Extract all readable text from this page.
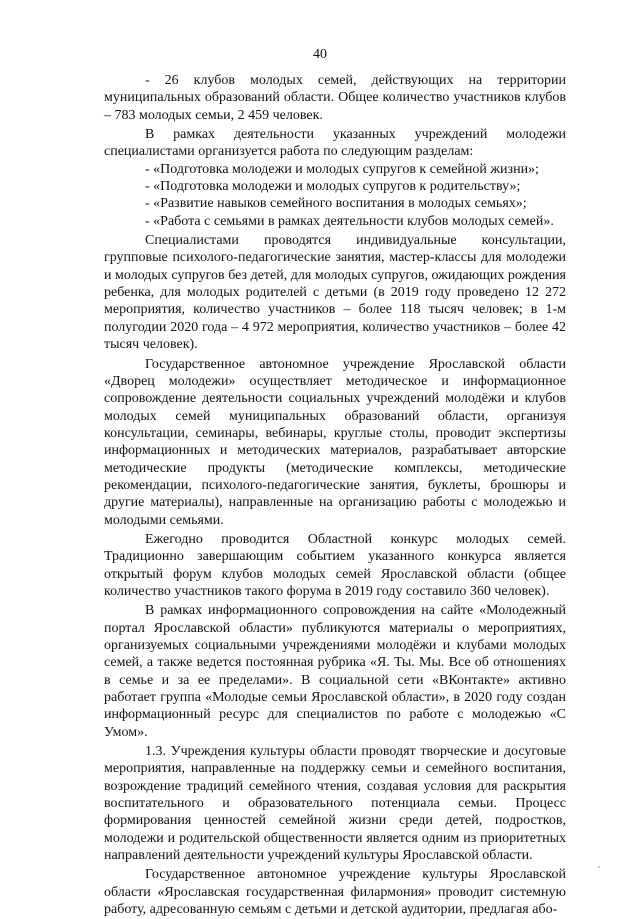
40

- 26 клубов молодых семей, действующих на территории муниципальных образований области. Общее количество участников клубов – 783 молодых семьи, 2 459 человек.

В рамках деятельности указанных учреждений молодежи специалистами организуется работа по следующим разделам:

- «Подготовка молодежи и молодых супругов к семейной жизни»;

- «Подготовка молодежи и молодых супругов к родительству»;

- «Развитие навыков семейного воспитания в молодых семьях»;

- «Работа с семьями в рамках деятельности клубов молодых семей».

Специалистами проводятся индивидуальные консультации, групповые психолого-педагогические занятия, мастер-классы для молодежи и молодых супругов без детей, для молодых супругов, ожидающих рождения ребенка, для молодых родителей с детьми (в 2019 году проведено 12 272 мероприятия, количество участников – более 118 тысяч человек; в 1-м полугодии 2020 года – 4 972 мероприятия, количество участников – более 42 тысяч человек).

Государственное автономное учреждение Ярославской области «Дворец молодежи» осуществляет методическое и информационное сопровождение деятельности социальных учреждений молодёжи и клубов молодых семей муниципальных образований области, организуя консультации, семинары, вебинары, круглые столы, проводит экспертизы информационных и методических материалов, разрабатывает авторские методические продукты (методические комплексы, методические рекомендации, психолого-педагогические занятия, буклеты, брошюры и другие материалы), направленные на организацию работы с молодежью и молодыми семьями.

Ежегодно проводится Областной конкурс молодых семей. Традиционно завершающим событием указанного конкурса является открытый форум клубов молодых семей Ярославской области (общее количество участников такого форума в 2019 году составило 360 человек).

В рамках информационного сопровождения на сайте «Молодежный портал Ярославской области» публикуются материалы о мероприятиях, организуемых социальными учреждениями молодёжи и клубами молодых семей, а также ведется постоянная рубрика «Я. Ты. Мы. Все об отношениях в семье и за ее пределами». В социальной сети «ВКонтакте» активно работает группа «Молодые семьи Ярославской области», в 2020 году создан информационный ресурс для специалистов по работе с молодежью «С Умом».

1.3. Учреждения культуры области проводят творческие и досуговые мероприятия, направленные на поддержку семьи и семейного воспитания, возрождение традиций семейного чтения, создавая условия для раскрытия воспитательного и образовательного потенциала семьи. Процесс формирования ценностей семейной жизни среди детей, подростков, молодежи и родительской общественности является одним из приоритетных направлений деятельности учреждений культуры Ярославской области.

Государственное автономное учреждение культуры Ярославской области «Ярославская государственная филармония» проводит системную работу, адресованную семьям с детьми и детской аудитории, предлагая або-
